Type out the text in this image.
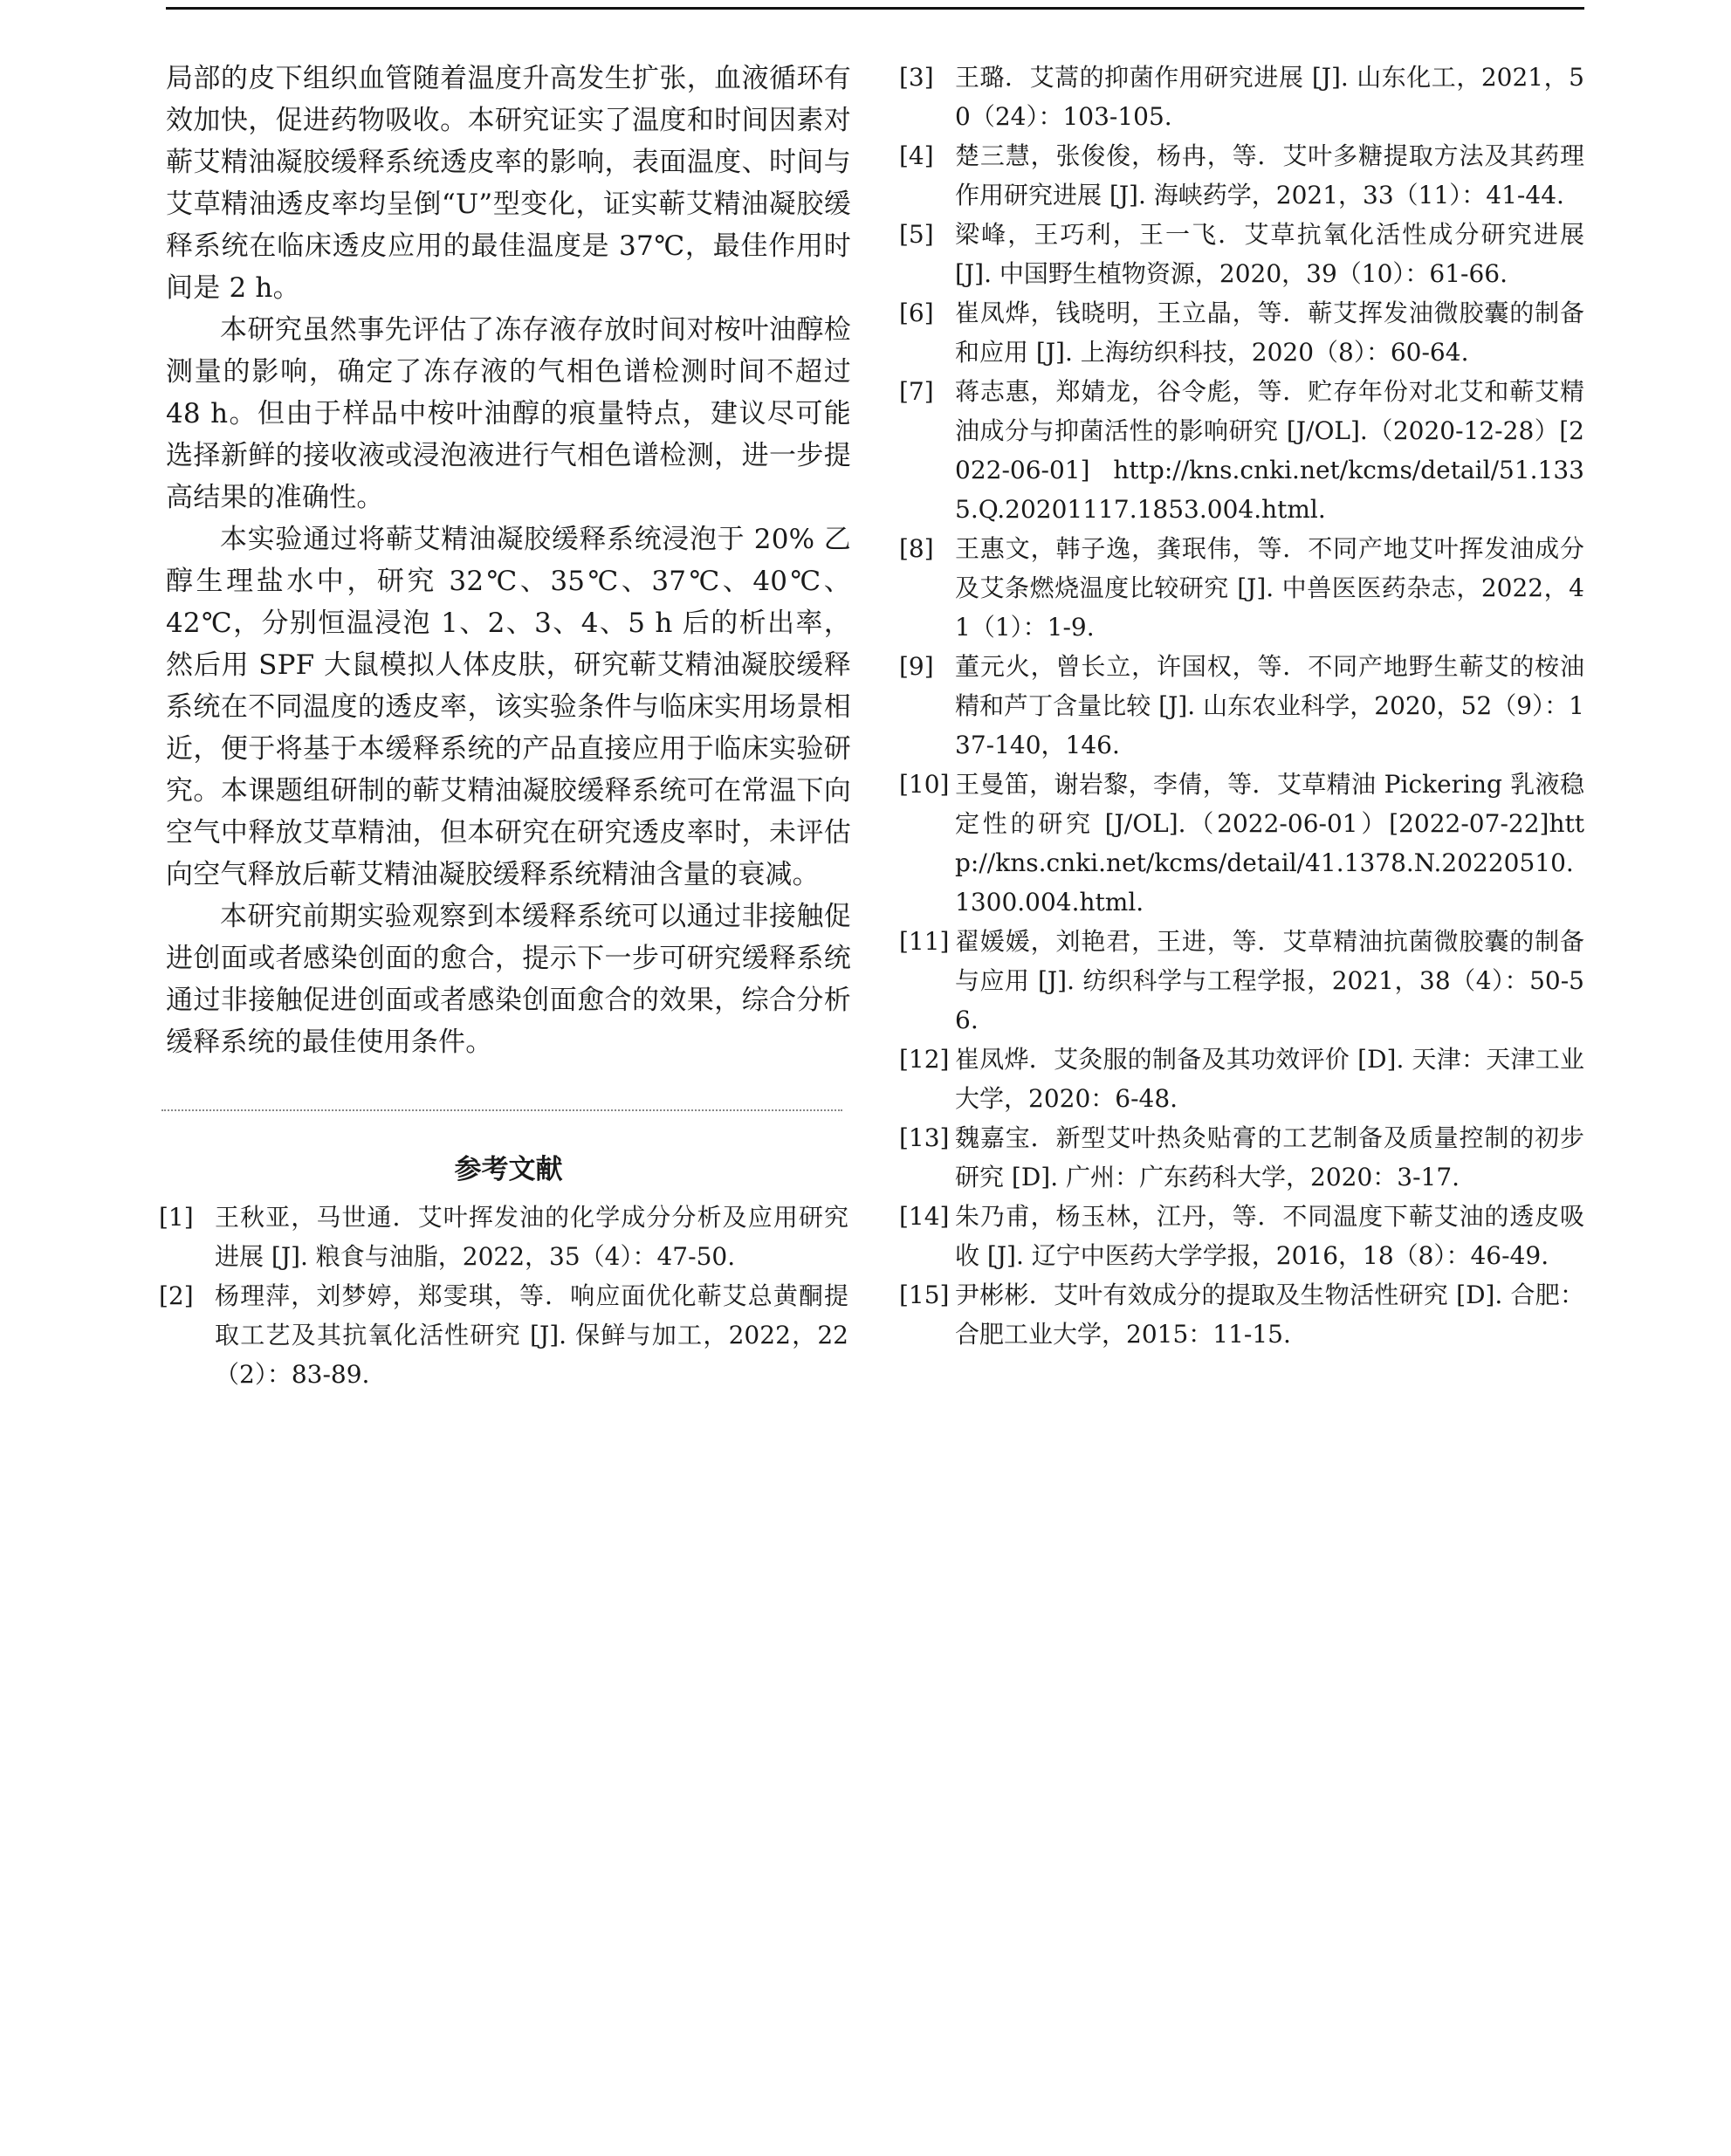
局部的皮下组织血管随着温度升高发生扩张，血液循环有效加快，促进药物吸收。本研究证实了温度和时间因素对蕲艾精油凝胶缓释系统透皮率的影响，表面温度、时间与艾草精油透皮率均呈倒“U”型变化，证实蕲艾精油凝胶缓释系统在临床透皮应用的最佳温度是 37℃，最佳作用时间是 2 h。

本研究虽然事先评估了冻存液存放时间对桉叶油醇检测量的影响，确定了冻存液的气相色谱检测时间不超过 48 h。但由于样品中桉叶油醇的痕量特点，建议尽可能选择新鲜的接收液或浸泡液进行气相色谱检测，进一步提高结果的准确性。

本实验通过将蕲艾精油凝胶缓释系统浸泡于 20% 乙醇生理盐水中，研究 32℃、35℃、37℃、40℃、42℃，分别恒温浸泡 1、2、3、4、5 h 后的析出率，然后用 SPF 大鼠模拟人体皮肤，研究蕲艾精油凝胶缓释系统在不同温度的透皮率，该实验条件与临床实用场景相近，便于将基于本缓释系统的产品直接应用于临床实验研究。本课题组研制的蕲艾精油凝胶缓释系统可在常温下向空气中释放艾草精油，但本研究在研究透皮率时，未评估向空气释放后蕲艾精油凝胶缓释系统精油含量的衰减。

本研究前期实验观察到本缓释系统可以通过非接触促进创面或者感染创面的愈合，提示下一步可研究缓释系统通过非接触促进创面或者感染创面愈合的效果，综合分析缓释系统的最佳使用条件。

参考文献
[1] 王秋亚，马世通．艾叶挥发油的化学成分分析及应用研究进展 [J]. 粮食与油脂，2022，35（4）：47-50.
[2] 杨理萍，刘梦婷，郑雯琪，等．响应面优化蕲艾总黄酮提取工艺及其抗氧化活性研究 [J]. 保鲜与加工，2022，22（2）：83-89.
[3] 王璐．艾蒿的抑菌作用研究进展 [J]. 山东化工，2021，50（24）：103-105.
[4] 楚三慧，张俊俊，杨冉，等．艾叶多糖提取方法及其药理作用研究进展 [J]. 海峡药学，2021，33（11）：41-44.
[5] 梁峰，王巧利，王一飞．艾草抗氧化活性成分研究进展 [J]. 中国野生植物资源，2020，39（10）：61-66.
[6] 崔凤烨，钱晓明，王立晶，等．蕲艾挥发油微胶囊的制备和应用 [J]. 上海纺织科技，2020（8）：60-64.
[7] 蒋志惠，郑婧龙，谷令彪，等．贮存年份对北艾和蕲艾精油成分与抑菌活性的影响研究 [J/OL].（2020-12-28）[2022-06-01] http://kns.cnki.net/kcms/detail/51.1335.Q.20201117.1853.004.html.
[8] 王惠文，韩子逸，龚珉伟，等．不同产地艾叶挥发油成分及艾条燃烧温度比较研究 [J]. 中兽医医药杂志，2022，41（1）：1-9.
[9] 董元火，曾长立，许国权，等．不同产地野生蕲艾的桉油精和芦丁含量比较 [J]. 山东农业科学，2020，52（9）：137-140，146.
[10] 王曼笛，谢岩黎，李倩，等．艾草精油 Pickering 乳液稳定性的研究 [J/OL].（2022-06-01）[2022-07-22]http://kns.cnki.net/kcms/detail/41.1378.N.20220510.1300.004.html.
[11] 翟媛媛，刘艳君，王进，等．艾草精油抗菌微胶囊的制备与应用 [J]. 纺织科学与工程学报，2021，38（4）：50-56.
[12] 崔凤烨．艾灸服的制备及其功效评价 [D]. 天津：天津工业大学，2020：6-48.
[13] 魏嘉宝．新型艾叶热灸贴膏的工艺制备及质量控制的初步研究 [D]. 广州：广东药科大学，2020：3-17.
[14] 朱乃甫，杨玉林，江丹，等．不同温度下蕲艾油的透皮吸收 [J]. 辽宁中医药大学学报，2016，18（8）：46-49.
[15] 尹彬彬．艾叶有效成分的提取及生物活性研究 [D]. 合肥：合肥工业大学，2015：11-15.
